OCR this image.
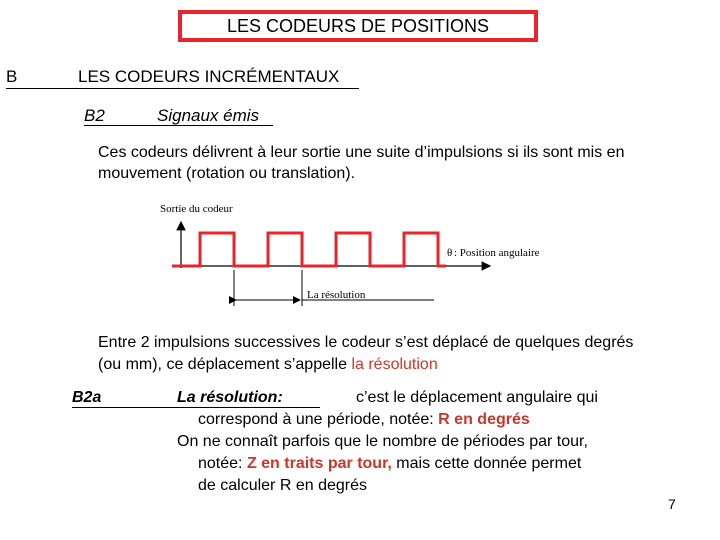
LES CODEURS DE POSITIONS
B	LES CODEURS INCRÉMENTAUX
B2	Signaux émis
Ces codeurs délivrent à leur sortie une suite d’impulsions si ils sont mis en mouvement (rotation ou translation).
Sortie du codeur
θ : Position angulaire
La résolution
Entre 2 impulsions successives le codeur s’est déplacé de quelques degrés (ou mm), ce déplacement s’appelle la résolution
B2a	La résolution:	c’est le déplacement angulaire qui
correspond à une période, notée: R en degrés
On ne connaît parfois que le nombre de périodes par tour,
notée: Z en traits par tour, mais cette donnée permet
de calculer R en degrés
7
